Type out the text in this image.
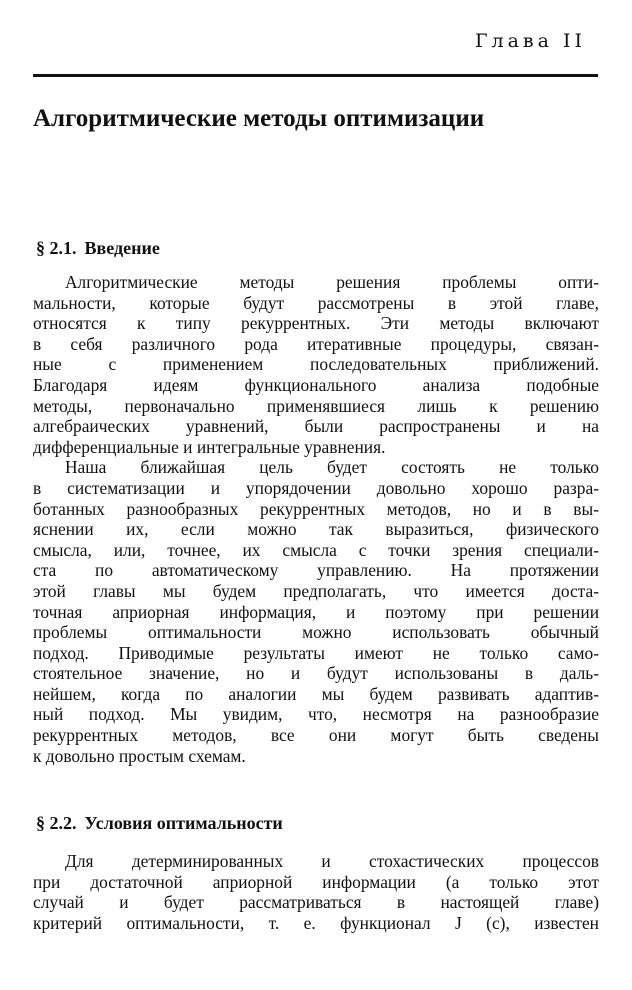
Глава II
Алгоритмические методы оптимизации
§ 2.1. Введение
Алгоритмические методы решения проблемы опти-
мальности, которые будут рассмотрены в этой главе,
относятся к типу рекуррентных. Эти методы включают
в себя различного рода итеративные процедуры, связан-
ные с применением последовательных приближений.
Благодаря идеям функционального анализа подобные
методы, первоначально применявшиеся лишь к решению
алгебраических уравнений, были распространены и на
дифференциальные и интегральные уравнения.
Наша ближайшая цель будет состоять не только
в систематизации и упорядочении довольно хорошо разра-
ботанных разнообразных рекуррентных методов, но и в вы-
яснении их, если можно так выразиться, физического
смысла, или, точнее, их смысла с точки зрения специали-
ста по автоматическому управлению. На протяжении
этой главы мы будем предполагать, что имеется доста-
точная априорная информация, и поэтому при решении
проблемы оптимальности можно использовать обычный
подход. Приводимые результаты имеют не только само-
стоятельное значение, но и будут использованы в даль-
нейшем, когда по аналогии мы будем развивать адаптив-
ный подход. Мы увидим, что, несмотря на разнообразие
рекуррентных методов, все они могут быть сведены
к довольно простым схемам.
§ 2.2. Условия оптимальности
Для детерминированных и стохастических процессов
при достаточной априорной информации (а только этот
случай и будет рассматриваться в настоящей главе)
критерий оптимальности, т. е. функционал J (c), известен
